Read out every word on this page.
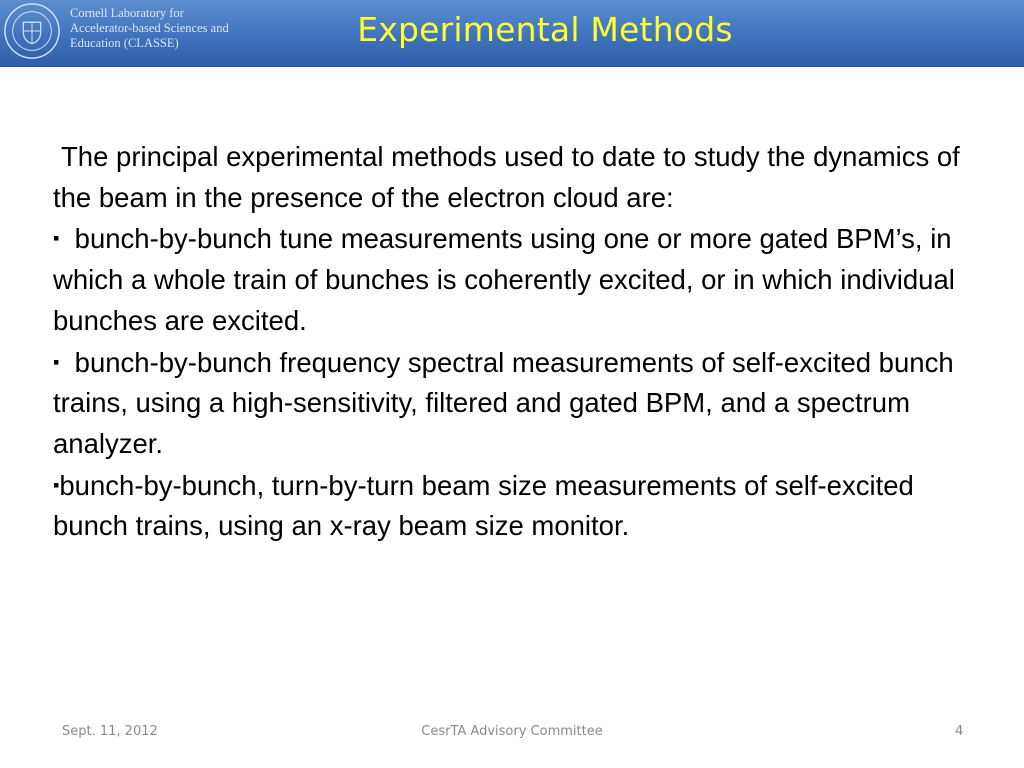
Cornell Laboratory for
Accelerator-based Sciences and
Education (CLASSE)	Experimental Methods

The principal experimental methods used to date to study the dynamics of the beam in the presence of the electron cloud are:

▪ bunch-by-bunch tune measurements using one or more gated BPM’s, in which a whole train of bunches is coherently excited, or in which individual bunches are excited.

▪ bunch-by-bunch frequency spectral measurements of self-excited bunch trains, using a high-sensitivity, filtered and gated BPM, and a spectrum analyzer.

▪bunch-by-bunch, turn-by-turn beam size measurements of self-excited bunch trains, using an x-ray beam size monitor.

Sept. 11, 2012	CesrTA Advisory Committee	4
